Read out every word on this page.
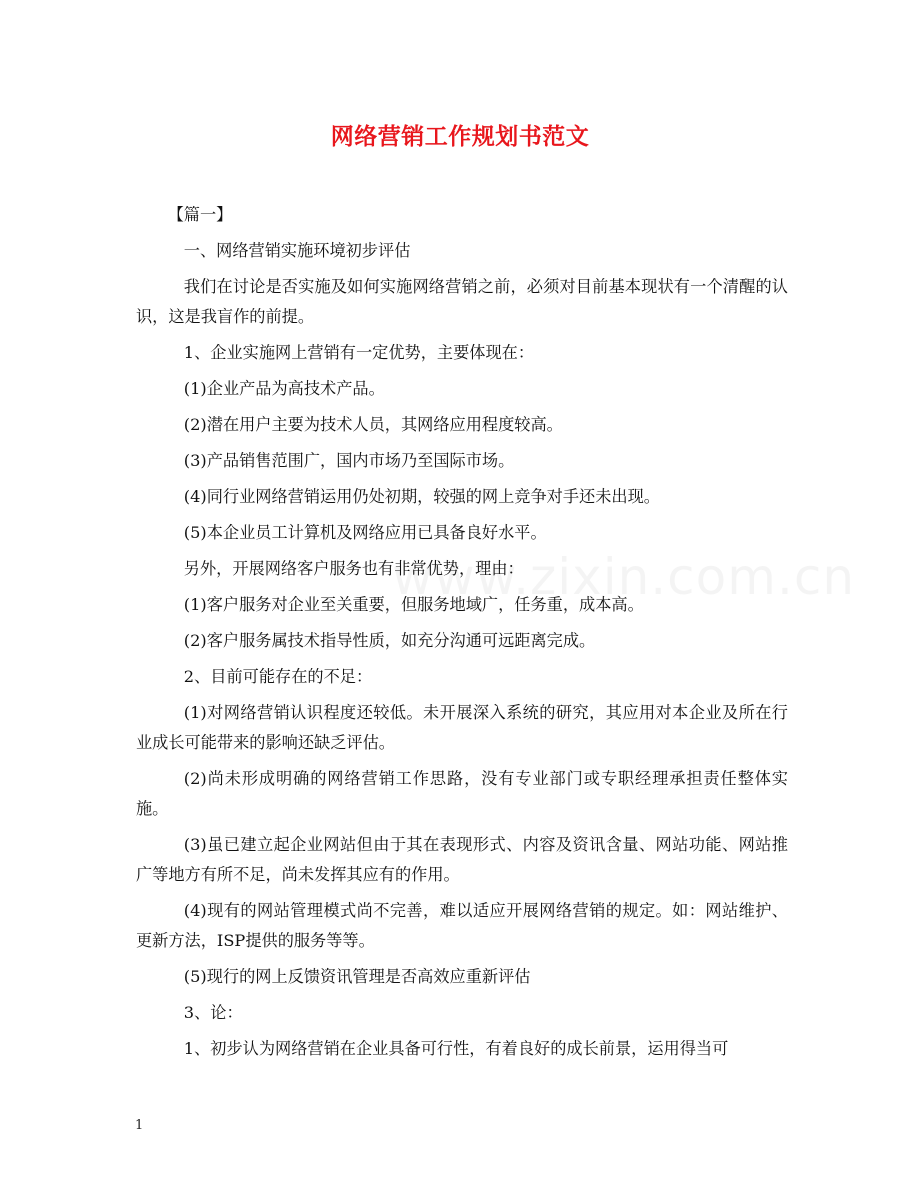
网络营销工作规划书范文

【篇一】

一、网络营销实施环境初步评估

我们在讨论是否实施及如何实施网络营销之前，必须对目前基本现状有一个清醒的认识，这是我盲作的前提。

1、企业实施网上营销有一定优势，主要体现在：

(1)企业产品为高技术产品。

(2)潜在用户主要为技术人员，其网络应用程度较高。

(3)产品销售范围广，国内市场乃至国际市场。

(4)同行业网络营销运用仍处初期，较强的网上竞争对手还未出现。

(5)本企业员工计算机及网络应用已具备良好水平。

另外，开展网络客户服务也有非常优势，理由：

(1)客户服务对企业至关重要，但服务地域广，任务重，成本高。

(2)客户服务属技术指导性质，如充分沟通可远距离完成。

2、目前可能存在的不足：

(1)对网络营销认识程度还较低。未开展深入系统的研究，其应用对本企业及所在行业成长可能带来的影响还缺乏评估。

(2)尚未形成明确的网络营销工作思路，没有专业部门或专职经理承担责任整体实施。

(3)虽已建立起企业网站但由于其在表现形式、内容及资讯含量、网站功能、网站推广等地方有所不足，尚未发挥其应有的作用。

(4)现有的网站管理模式尚不完善，难以适应开展网络营销的规定。如：网站维护、更新方法，ISP提供的服务等等。

(5)现行的网上反馈资讯管理是否高效应重新评估

3、论：

1、初步认为网络营销在企业具备可行性，有着良好的成长前景，运用得当可

1
